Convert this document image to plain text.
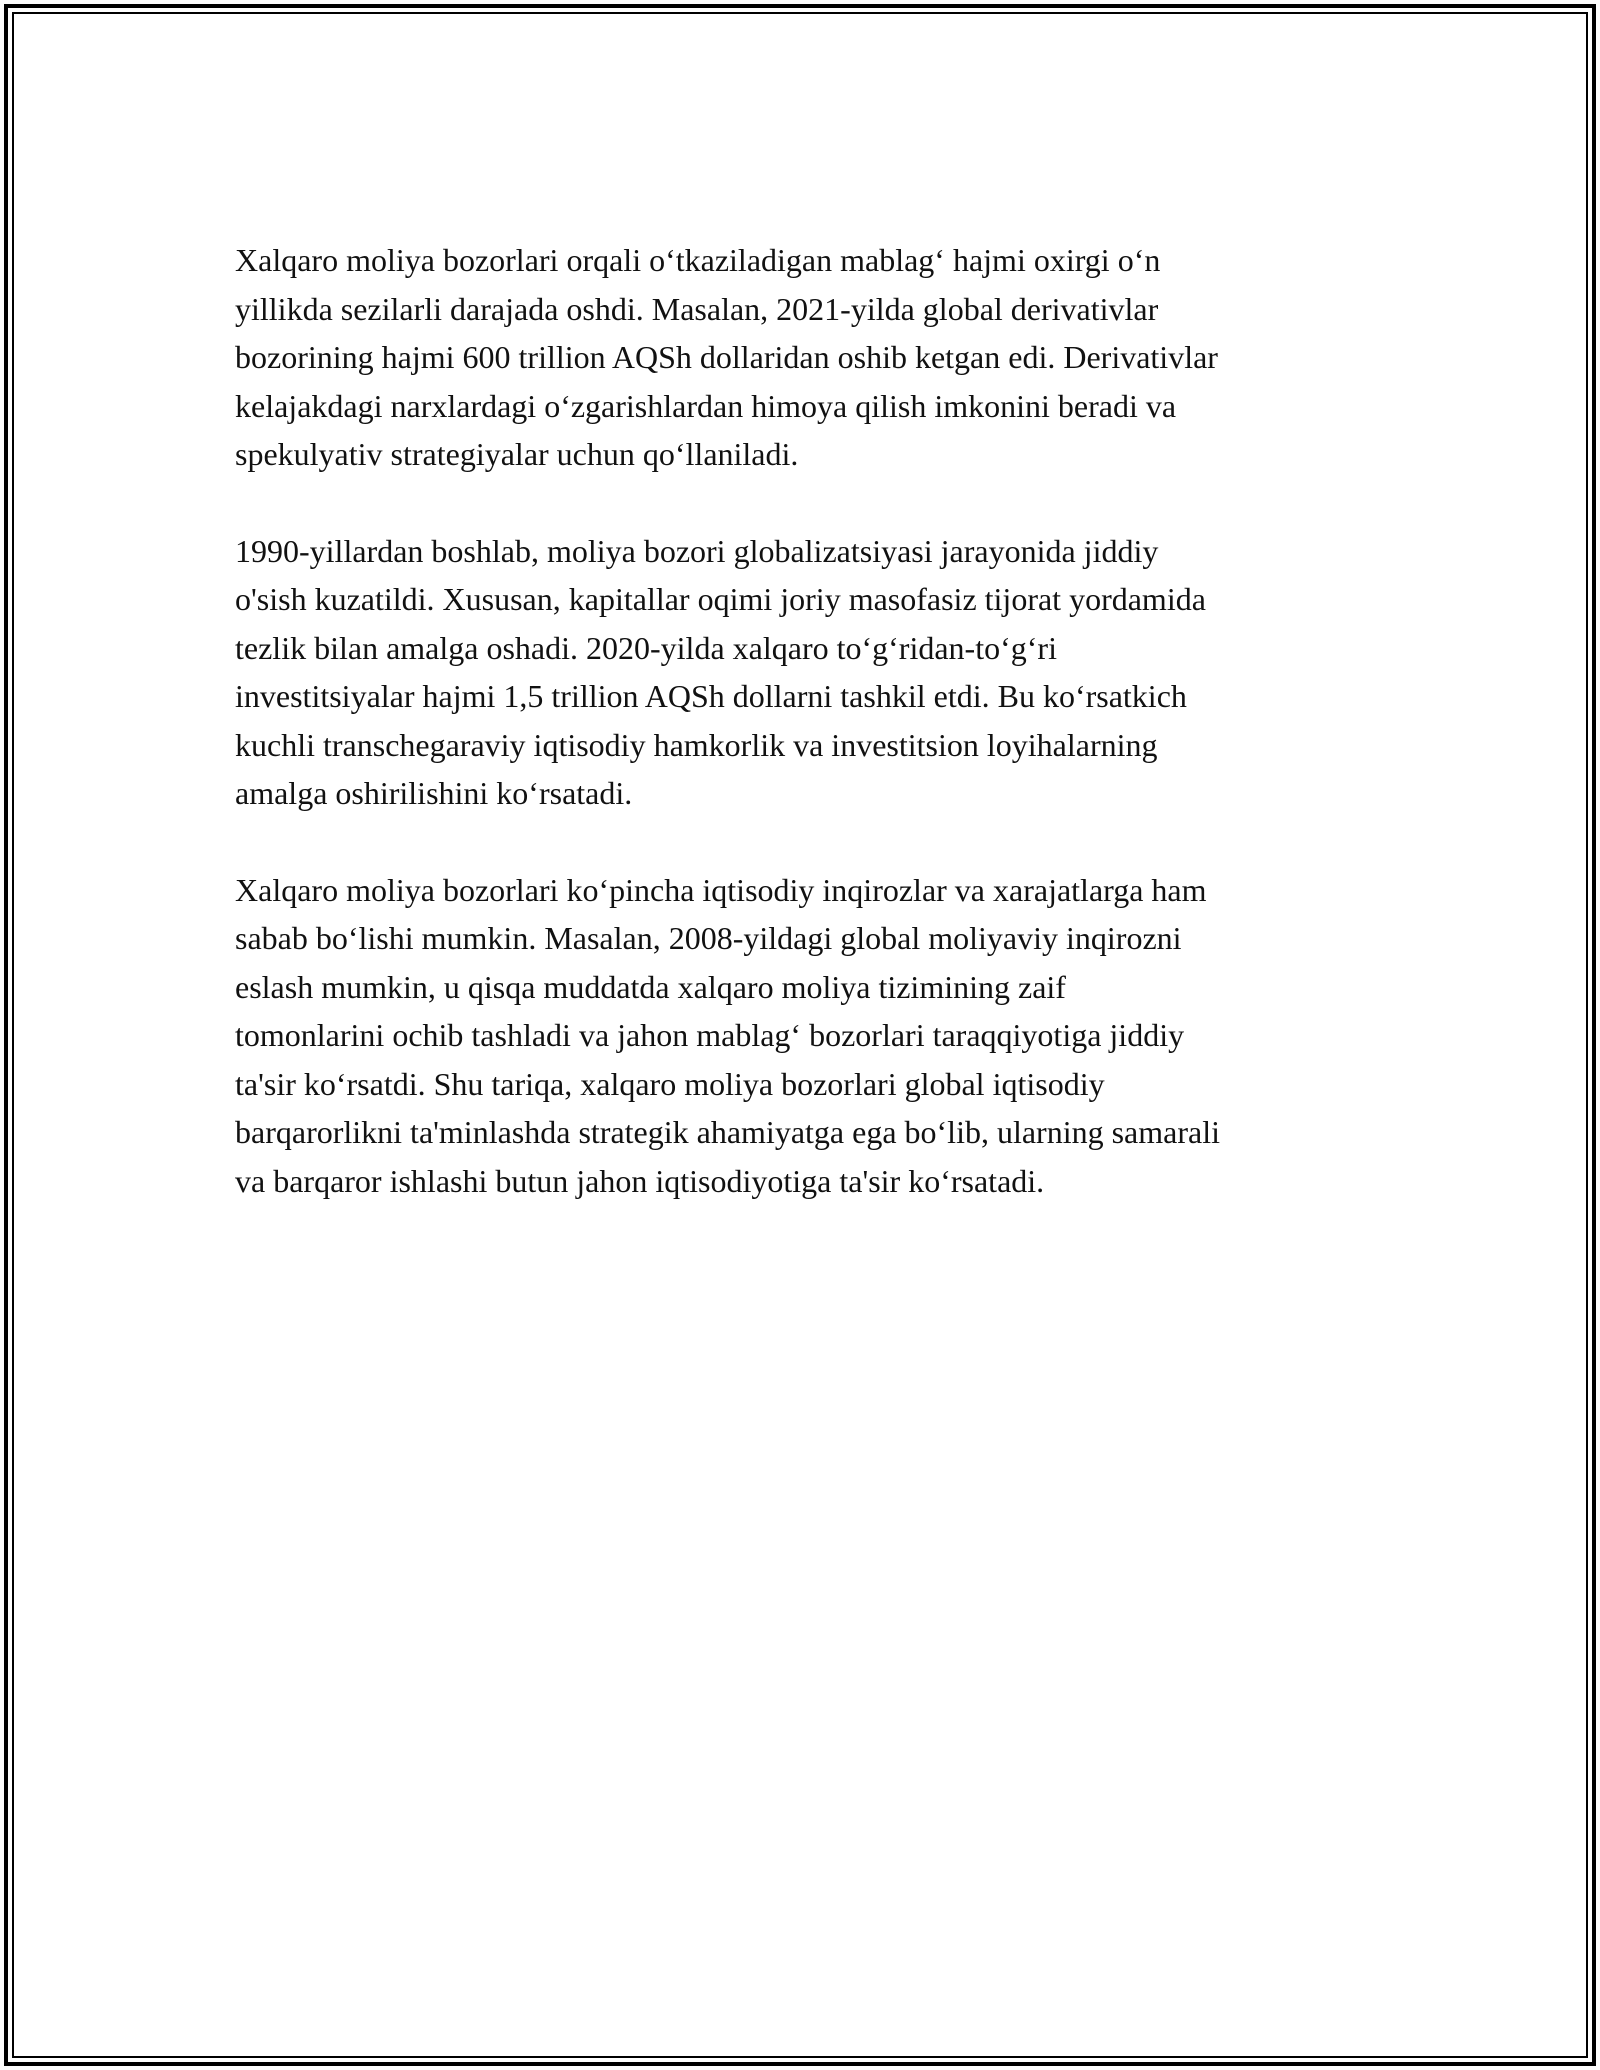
Xalqaro moliya bozorlari orqali o‘tkaziladigan mablag‘ hajmi oxirgi o‘n
yillikda sezilarli darajada oshdi. Masalan, 2021-yilda global derivativlar
bozorining hajmi 600 trillion AQSh dollaridan oshib ketgan edi. Derivativlar
kelajakdagi narxlardagi o‘zgarishlardan himoya qilish imkonini beradi va
spekulyativ strategiyalar uchun qo‘llaniladi.

1990-yillardan boshlab, moliya bozori globalizatsiyasi jarayonida jiddiy
o'sish kuzatildi. Xususan, kapitallar oqimi joriy masofasiz tijorat yordamida
tezlik bilan amalga oshadi. 2020-yilda xalqaro to‘g‘ridan-to‘g‘ri
investitsiyalar hajmi 1,5 trillion AQSh dollarni tashkil etdi. Bu ko‘rsatkich
kuchli transchegaraviy iqtisodiy hamkorlik va investitsion loyihalarning
amalga oshirilishini ko‘rsatadi.

Xalqaro moliya bozorlari ko‘pincha iqtisodiy inqirozlar va xarajatlarga ham
sabab bo‘lishi mumkin. Masalan, 2008-yildagi global moliyaviy inqirozni
eslash mumkin, u qisqa muddatda xalqaro moliya tizimining zaif
tomonlarini ochib tashladi va jahon mablag‘ bozorlari taraqqiyotiga jiddiy
ta'sir ko‘rsatdi. Shu tariqa, xalqaro moliya bozorlari global iqtisodiy
barqarorlikni ta'minlashda strategik ahamiyatga ega bo‘lib, ularning samarali
va barqaror ishlashi butun jahon iqtisodiyotiga ta'sir ko‘rsatadi.
